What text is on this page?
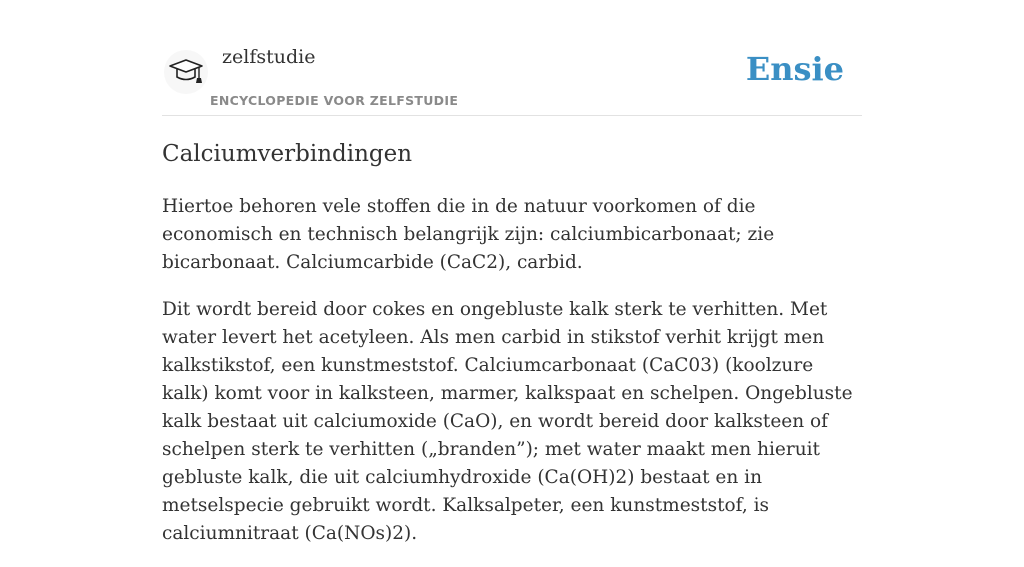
zelfstudie
ENCYCLOPEDIE VOOR ZELFSTUDIE
Ensie
Calciumverbindingen

Hiertoe behoren vele stoffen die in de natuur voorkomen of die economisch en technisch belangrijk zijn: calciumbicarbonaat; zie bicarbonaat. Calciumcarbide (CaC2), carbid.

Dit wordt bereid door cokes en ongebluste kalk sterk te verhitten. Met water levert het acetyleen. Als men carbid in stikstof verhit krijgt men kalkstikstof, een kunstmeststof. Calciumcarbonaat (CaC03) (koolzure kalk) komt voor in kalksteen, marmer, kalkspaat en schelpen. Ongebluste kalk bestaat uit calciumoxide (CaO), en wordt bereid door kalksteen of schelpen sterk te verhitten („branden”); met water maakt men hieruit gebluste kalk, die uit calciumhydroxide (Ca(OH)2) bestaat en in metselspecie gebruikt wordt. Kalksalpeter, een kunstmeststof, is calciumnitraat (Ca(NOs)2).
